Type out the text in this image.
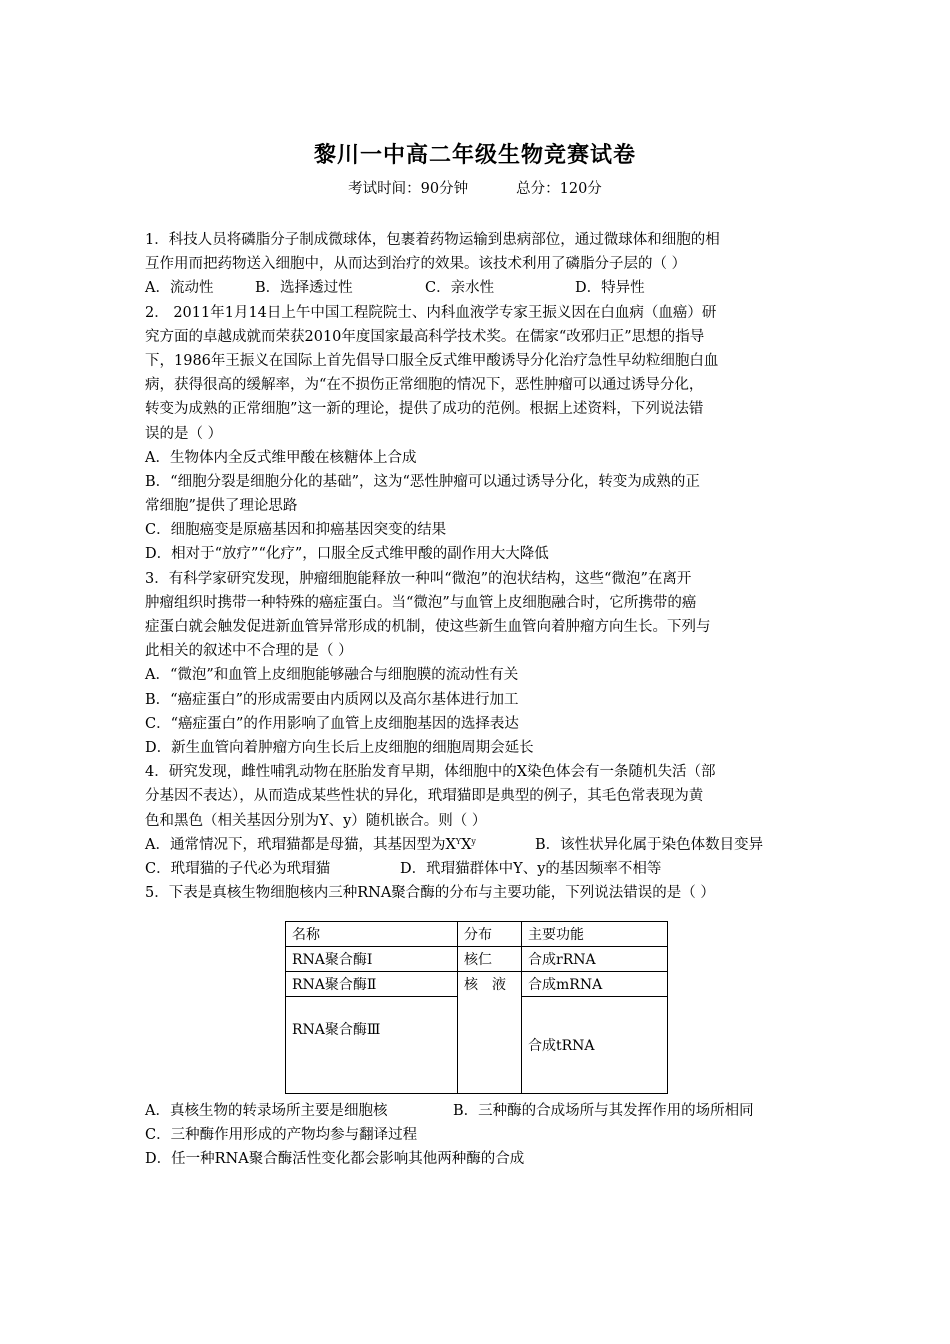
黎川一中高二年级生物竞赛试卷
考试时间：90分钟	总分：120分
1．科技人员将磷脂分子制成微球体，包裹着药物运输到患病部位，通过微球体和细胞的相
互作用而把药物送入细胞中，从而达到治疗的效果。该技术利用了磷脂分子层的（ ）
A．流动性	B．选择透过性	C．亲水性	D．特异性
2． 2011年1月14日上午中国工程院院士、内科血液学专家王振义因在白血病（血癌）研
究方面的卓越成就而荣获2010年度国家最高科学技术奖。在儒家“改邪归正”思想的指导
下，1986年王振义在国际上首先倡导口服全反式维甲酸诱导分化治疗急性早幼粒细胞白血
病，获得很高的缓解率，为“在不损伤正常细胞的情况下，恶性肿瘤可以通过诱导分化，
转变为成熟的正常细胞”这一新的理论，提供了成功的范例。根据上述资料，下列说法错
误的是（ ）
A．生物体内全反式维甲酸在核糖体上合成
B．“细胞分裂是细胞分化的基础”，这为“恶性肿瘤可以通过诱导分化，转变为成熟的正
常细胞”提供了理论思路
C．细胞癌变是原癌基因和抑癌基因突变的结果
D．相对于“放疗”“化疗”，口服全反式维甲酸的副作用大大降低
3．有科学家研究发现，肿瘤细胞能释放一种叫“微泡”的泡状结构，这些“微泡”在离开
肿瘤组织时携带一种特殊的癌症蛋白。当“微泡”与血管上皮细胞融合时，它所携带的癌
症蛋白就会触发促进新血管异常形成的机制，使这些新生血管向着肿瘤方向生长。下列与
此相关的叙述中不合理的是（ ）
A．“微泡”和血管上皮细胞能够融合与细胞膜的流动性有关
B．“癌症蛋白”的形成需要由内质网以及高尔基体进行加工
C．“癌症蛋白”的作用影响了血管上皮细胞基因的选择表达
D．新生血管向着肿瘤方向生长后上皮细胞的细胞周期会延长
4．研究发现，雌性哺乳动物在胚胎发育早期，体细胞中的X染色体会有一条随机失活（部
分基因不表达），从而造成某些性状的异化，玳瑁猫即是典型的例子，其毛色常表现为黄
色和黑色（相关基因分别为Y、y）随机嵌合。则（ ）
A．通常情况下，玳瑁猫都是母猫，其基因型为$X^YX^y$	B．该性状异化属于染色体数目变异
C．玳瑁猫的子代必为玳瑁猫	D．玳瑁猫群体中Y、y的基因频率不相等
5．下表是真核生物细胞核内三种RNA聚合酶的分布与主要功能，下列说法错误的是（ ）
名称	分布	主要功能
RNA聚合酶Ⅰ	核仁	合成rRNA
RNA聚合酶Ⅱ	核　液	合成mRNA
RNA聚合酶Ⅲ		合成tRNA
A．真核生物的转录场所主要是细胞核	B．三种酶的合成场所与其发挥作用的场所相同
C．三种酶作用形成的产物均参与翻译过程
D．任一种RNA聚合酶活性变化都会影响其他两种酶的合成
